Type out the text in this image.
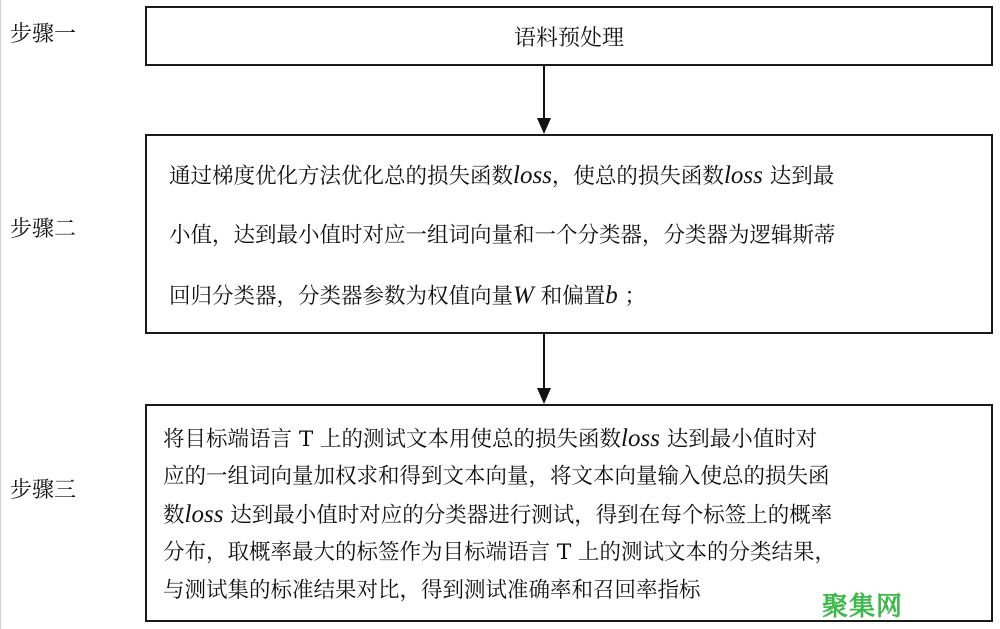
步骤一
步骤二
步骤三
语料预处理
通过梯度优化方法优化总的损失函数loss，使总的损失函数loss 达到最
小值，达到最小值时对应一组词向量和一个分类器，分类器为逻辑斯蒂
回归分类器，分类器参数为权值向量W 和偏置b ；
将目标端语言 T 上的测试文本用使总的损失函数loss 达到最小值时对
应的一组词向量加权求和得到文本向量，将文本向量输入使总的损失函
数loss 达到最小值时对应的分类器进行测试，得到在每个标签上的概率
分布，取概率最大的标签作为目标端语言 T 上的测试文本的分类结果，
与测试集的标准结果对比，得到测试准确率和召回率指标
聚集网
